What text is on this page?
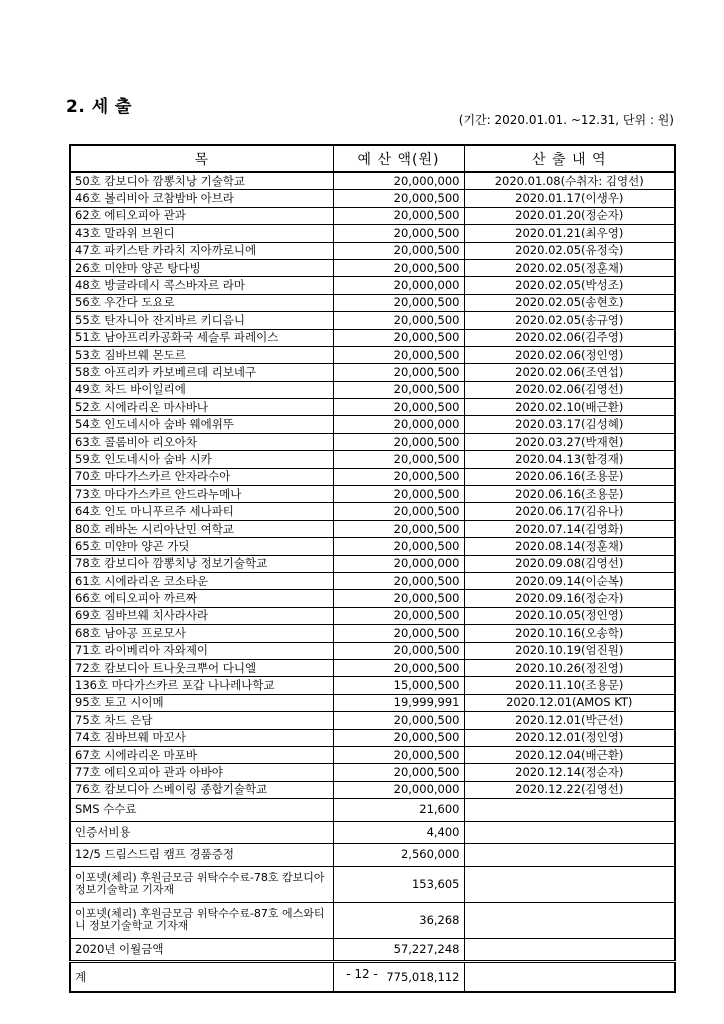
2. 세 출
(기간: 2020.01.01. ~12.31, 단위 : 원)
목	예 산 액(원)	산 출 내 역
50호 캄보디아 깜뽕치낭 기술학교	20,000,000	2020.01.08(수취자: 김영선)
46호 볼리비아 코참밤바 아브라	20,000,500	2020.01.17(이생우)
62호 에티오피아 관과	20,000,500	2020.01.20(정순자)
43호 말라위 브윈디	20,000,500	2020.01.21(최우영)
47호 파키스탄 카라치 지아까로니에	20,000,500	2020.02.05(유정숙)
26호 미얀마 양곤 탕다빙	20,000,500	2020.02.05(정훈채)
48호 방글라데시 콕스바자르 라마	20,000,000	2020.02.05(박성조)
56호 우간다 도요로	20,000,500	2020.02.05(송현호)
55호 탄자니아 잔지바르 키디음니	20,000,500	2020.02.05(송규영)
51호 남아프리카공화국 세슬루 파레이스	20,000,500	2020.02.06(김주영)
53호 짐바브웨 몬도르	20,000,500	2020.02.06(정인영)
58호 아프리카 카보베르데 리보네구	20,000,500	2020.02.06(조연섭)
49호 차드 바이일리에	20,000,500	2020.02.06(김영선)
52호 시에라리온 마사바나	20,000,500	2020.02.10(배근환)
54호 인도네시아 숨바 웨에위뚜	20,000,000	2020.03.17(김성혜)
63호 콜롬비아 리오아차	20,000,500	2020.03.27(박재현)
59호 인도네시아 숨바 시카	20,000,500	2020.04.13(함경재)
70호 마다가스카르 안자라수아	20,000,500	2020.06.16(조용문)
73호 마다가스카르 안드라누메나	20,000,500	2020.06.16(조용문)
64호 인도 마니푸르주 세나파티	20,000,500	2020.06.17(김유나)
80호 레바논 시리아난민 여학교	20,000,500	2020.07.14(김영화)
65호 미얀마 양곤 가딧	20,000,500	2020.08.14(정훈채)
78호 캄보디아 깜뽕치낭 정보기술학교	20,000,000	2020.09.08(김영선)
61호 시에라리온 코소타운	20,000,500	2020.09.14(이순복)
66호 에티오피아 까르짜	20,000,500	2020.09.16(정순자)
69호 짐바브웨 치사라사라	20,000,500	2020.10.05(정인영)
68호 남아공 프로모사	20,000,500	2020.10.16(오송학)
71호 라이베리아 자와제이	20,000,500	2020.10.19(엄진원)
72호 캄보디아 트나웃크뿌어 다니엘	20,000,500	2020.10.26(정진영)
136호 마다가스카르 포갑 나나레나학교	15,000,500	2020.11.10(조용문)
95호 토고 시이메	19,999,991	2020.12.01(AMOS KT)
75호 차드 은담	20,000,500	2020.12.01(박근선)
74호 짐바브웨 마꼬사	20,000,500	2020.12.01(정인영)
67호 시에라리온 마포바	20,000,500	2020.12.04(배근환)
77호 에티오피아 관과 아바야	20,000,500	2020.12.14(정순자)
76호 캄보디아 스베이링 종합기술학교	20,000,000	2020.12.22(김영선)
SMS 수수료	21,600	
인증서비용	4,400	
12/5 드림스드림 캠프 경품증정	2,560,000	
이포넷(체리) 후원금모금 위탁수수료-78호 캄보디아 정보기술학교 기자재	153,605	
이포넷(체리) 후원금모금 위탁수수료-87호 에스와티니 정보기술학교 기자재	36,268	
2020년 이월금액	57,227,248	
계	775,018,112	
- 12 -
